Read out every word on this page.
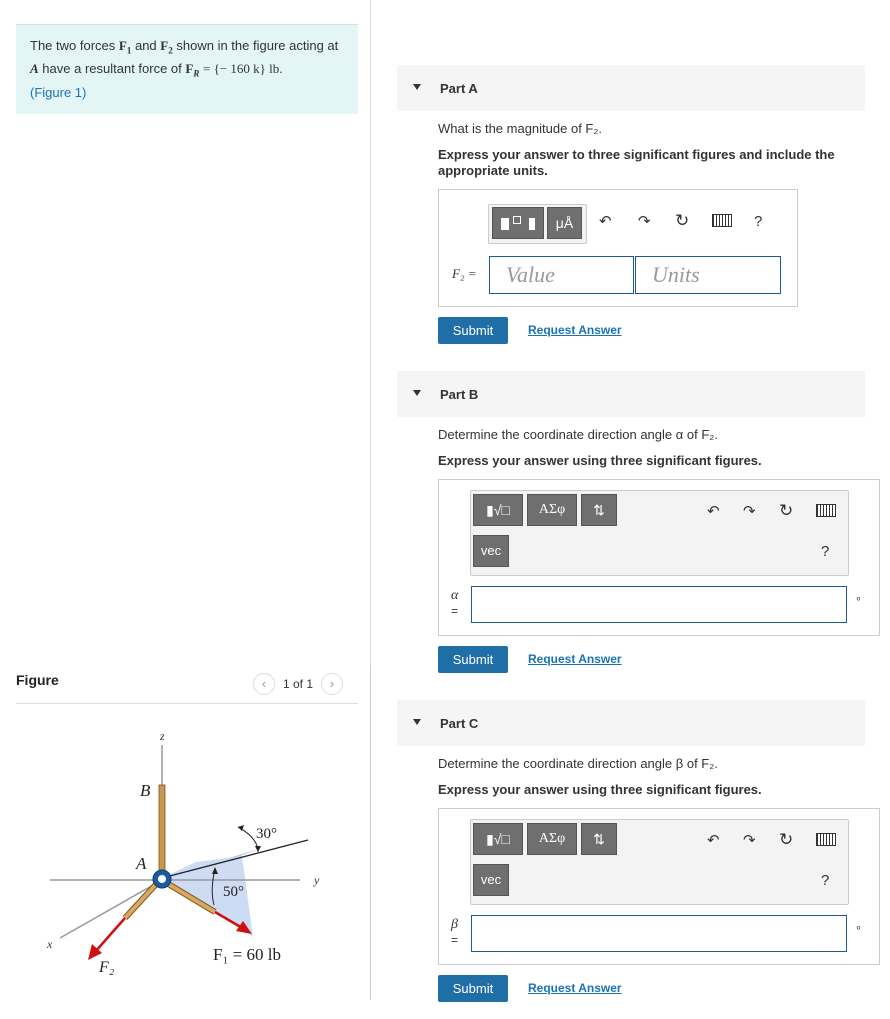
The two forces $F_1$ and $F_2$ shown in the figure acting at A have a resultant force of $F_R$ = {− 160 k} lb.
(Figure 1)
Figure	‹ 1 of 1 ›
z
y
x
B
A
30°
50°
F₁ = 60 lb
F₂
Part A
What is the magnitude of F₂.
Express your answer to three significant figures and include the appropriate units.

μÅ	↶ ↷ ↻	?
F₂ =	Value	Units
Submit	Request Answer
Part B
Determine the coordinate direction angle α of F₂.
Express your answer using three significant figures.
▮√□	ΑΣφ	⇅
vec
↶ ↷ ↻
?
α
=
∘
Submit	Request Answer
Part C
Determine the coordinate direction angle β of F₂.
Express your answer using three significant figures.
▮√□	ΑΣφ	⇅
vec
↶ ↷ ↻
?
β
=
∘
Submit	Request Answer
